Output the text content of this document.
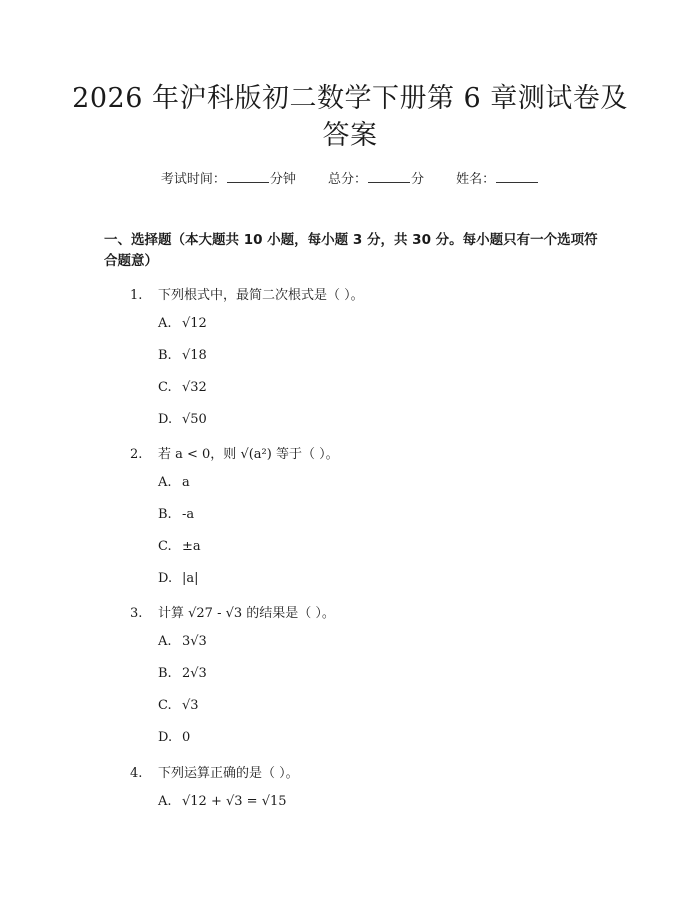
2026 年沪科版初二数学下册第 6 章测试卷及答案
考试时间：	分钟 总分：	分 姓名：

一、选择题（本大题共 10 小题，每小题 3 分，共 30 分。每小题只有一个选项符合题意）

1. 下列根式中，最简二次根式是（ ）。
A. √12
B. √18
C. √32
D. √50
2. 若 a < 0，则 √(a²) 等于（ ）。
A. a
B. -a
C. ±a
D. |a|
3. 计算 √27 - √3 的结果是（ ）。
A. 3√3
B. 2√3
C. √3
D. 0
4. 下列运算正确的是（ ）。
A. √12 + √3 = √15
